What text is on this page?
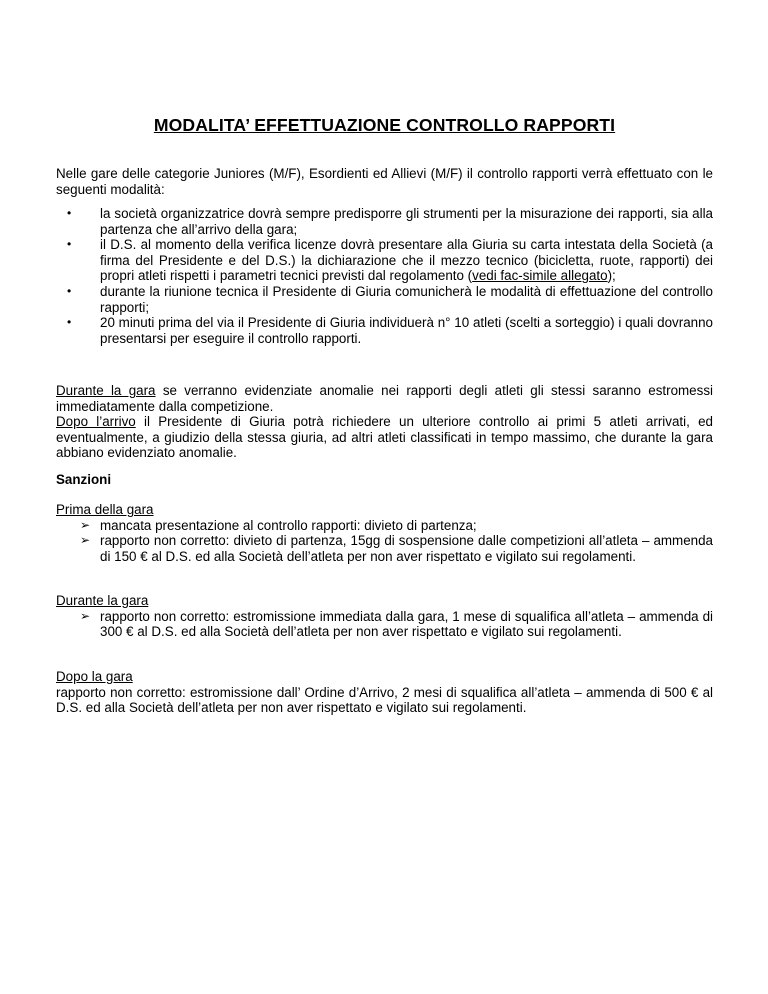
MODALITA’ EFFETTUAZIONE CONTROLLO RAPPORTI

Nelle gare delle categorie Juniores (M/F), Esordienti ed Allievi (M/F) il controllo rapporti verrà effettuato con le seguenti modalità:

• la società organizzatrice dovrà sempre predisporre gli strumenti per la misurazione dei rapporti, sia alla partenza che all’arrivo della gara;
• il D.S. al momento della verifica licenze dovrà presentare alla Giuria su carta intestata della Società (a firma del Presidente e del D.S.) la dichiarazione che il mezzo tecnico (bicicletta, ruote, rapporti) dei propri atleti rispetti i parametri tecnici previsti dal regolamento (vedi fac-simile allegato);
• durante la riunione tecnica il Presidente di Giuria comunicherà le modalità di effettuazione del controllo rapporti;
• 20 minuti prima del via il Presidente di Giuria individuerà n° 10 atleti (scelti a sorteggio) i quali dovranno presentarsi per eseguire il controllo rapporti.

Durante la gara se verranno evidenziate anomalie nei rapporti degli atleti gli stessi saranno estromessi immediatamente dalla competizione.
Dopo l’arrivo il Presidente di Giuria potrà richiedere un ulteriore controllo ai primi 5 atleti arrivati, ed eventualmente, a giudizio della stessa giuria, ad altri atleti classificati in tempo massimo, che durante la gara abbiano evidenziato anomalie.

Sanzioni

Prima della gara
➢ mancata presentazione al controllo rapporti: divieto di partenza;
➢ rapporto non corretto: divieto di partenza, 15gg di sospensione dalle competizioni all’atleta – ammenda di 150 € al D.S. ed alla Società dell’atleta per non aver rispettato e vigilato sui regolamenti.
Durante la gara
➢ rapporto non corretto: estromissione immediata dalla gara, 1 mese di squalifica all’atleta – ammenda di 300 € al D.S. ed alla Società dell’atleta per non aver rispettato e vigilato sui regolamenti.
Dopo la gara
rapporto non corretto: estromissione dall’ Ordine d’Arrivo, 2 mesi di squalifica all’atleta – ammenda di 500 € al D.S. ed alla Società dell’atleta per non aver rispettato e vigilato sui regolamenti.
